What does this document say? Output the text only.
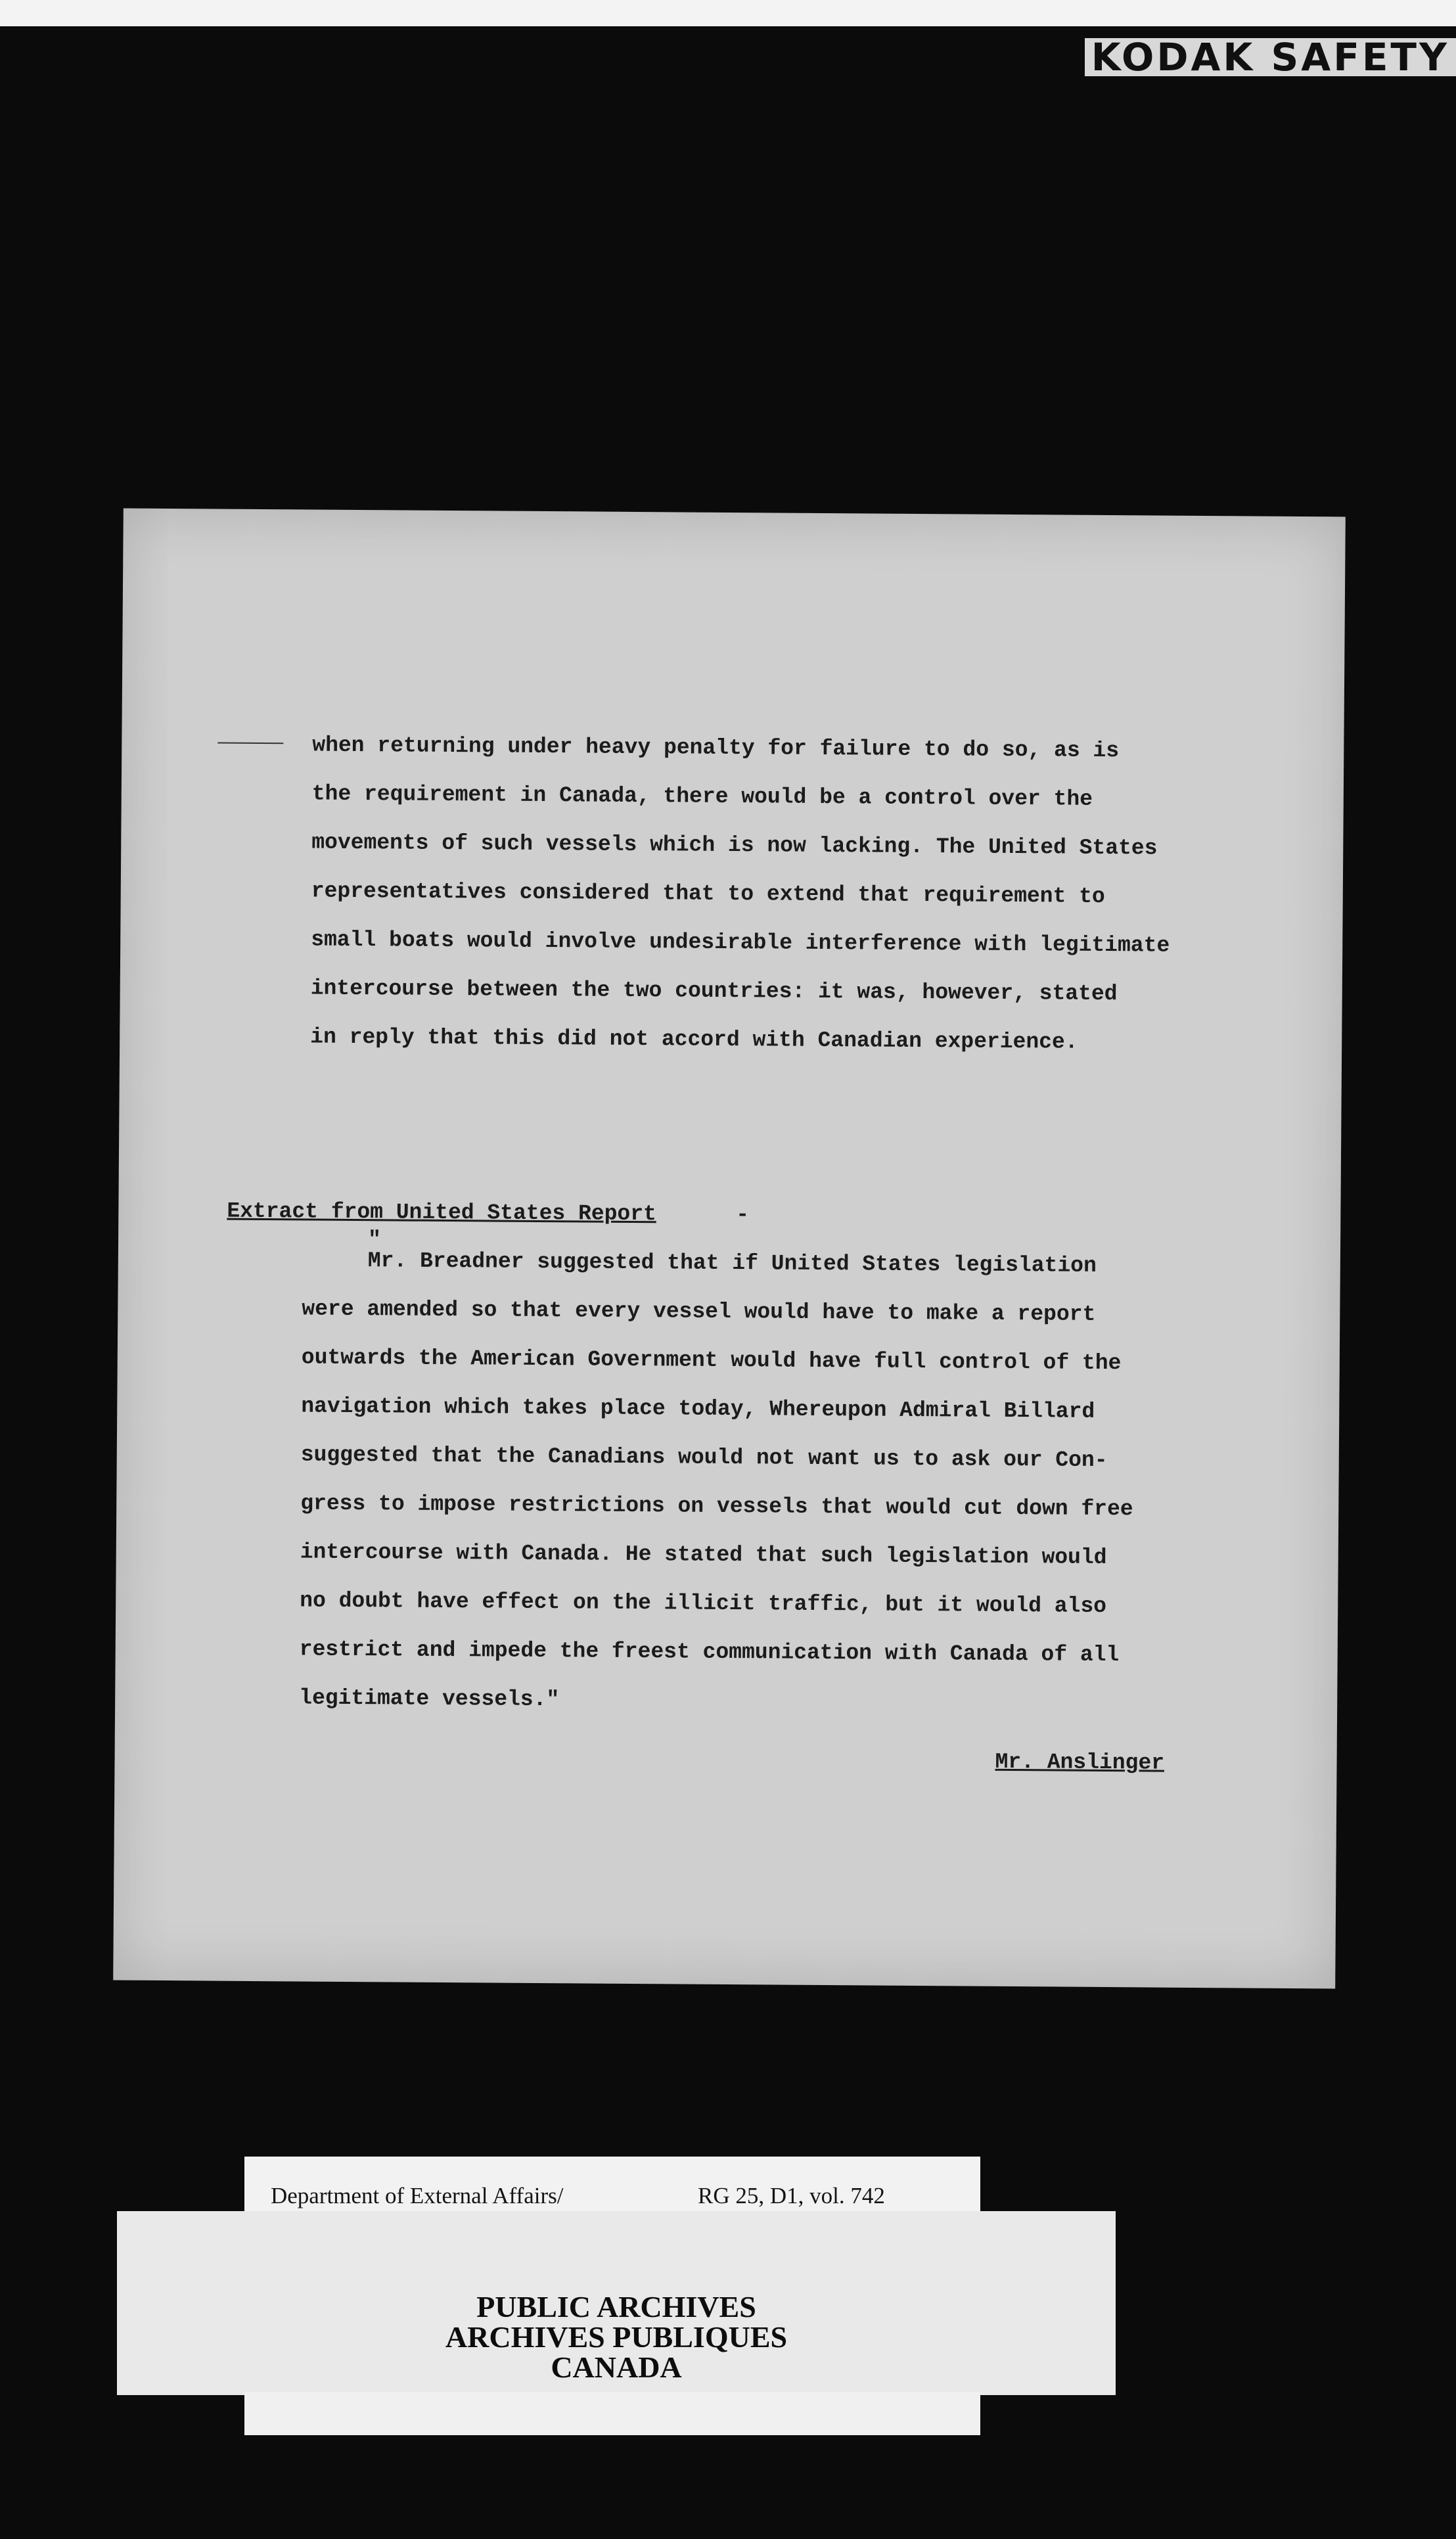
KODAK SAFETY
when returning under heavy penalty for failure to do so, as is
the requirement in Canada, there would be a control over the
movements of such vessels which is now lacking. The United States
representatives considered that to extend that requirement to
small boats would involve undesirable interference with legitimate
intercourse between the two countries: it was, however, stated
in reply that this did not accord with Canadian experience.
Extract from United States Report	-
"
Mr. Breadner suggested that if United States legislation
were amended so that every vessel would have to make a report
outwards the American Government would have full control of the
navigation which takes place today, Whereupon Admiral Billard
suggested that the Canadians would not want us to ask our Con-
gress to impose restrictions on vessels that would cut down free
intercourse with Canada. He stated that such legislation would
no doubt have effect on the illicit traffic, but it would also
restrict and impede the freest communication with Canada of all
legitimate vessels."
Mr. Anslinger
Department of External Affairs/	RG 25, D1, vol. 742
PUBLIC ARCHIVES
ARCHIVES PUBLIQUES
CANADA
